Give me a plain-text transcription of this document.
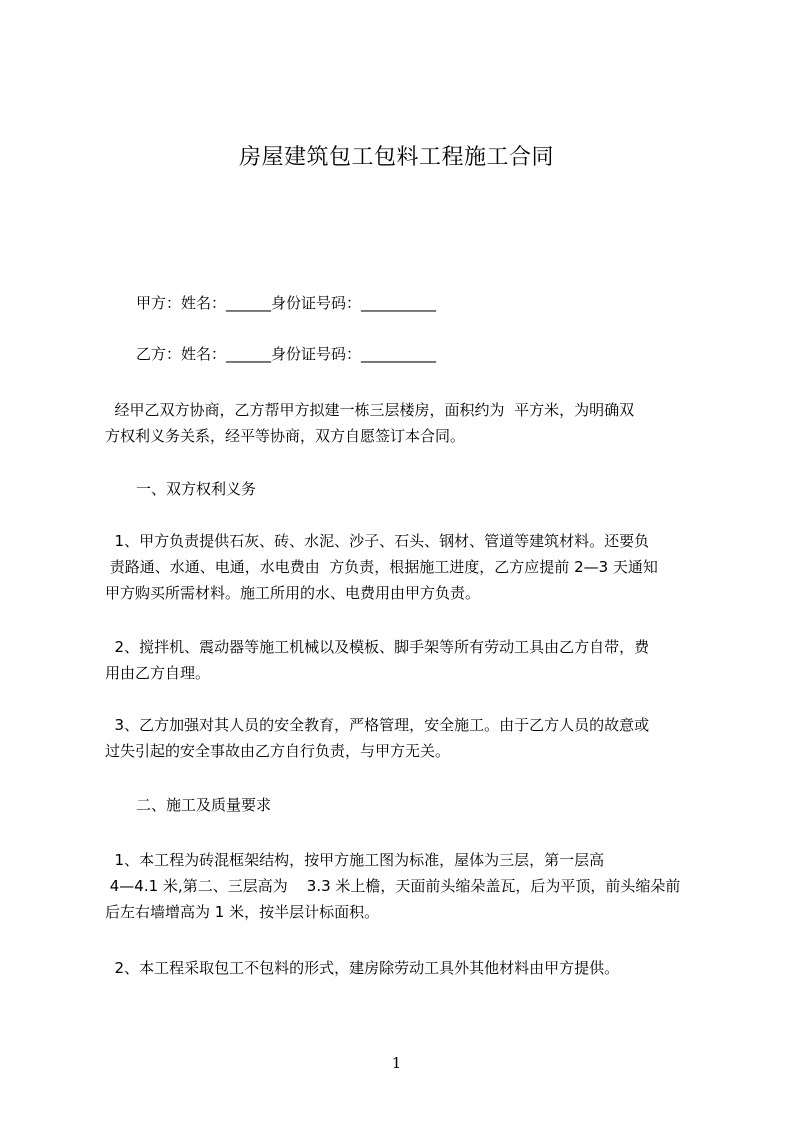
房屋建筑包工包料工程施工合同

甲方：姓名：______身份证号码：__________

乙方：姓名：______身份证号码：__________

经甲乙双方协商，乙方帮甲方拟建一栋三层楼房，面积约为  平方米，为明确双
方权利义务关系，经平等协商，双方自愿签订本合同。

一、双方权利义务

1、甲方负责提供石灰、砖、水泥、沙子、石头、钢材、管道等建筑材料。还要负
责路通、水通、电通，水电费由  方负责，根据施工进度，乙方应提前 2—3 天通知
甲方购买所需材料。施工所用的水、电费用由甲方负责。
2、搅拌机、震动器等施工机械以及模板、脚手架等所有劳动工具由乙方自带，费
用由乙方自理。
3、乙方加强对其人员的安全教育，严格管理，安全施工。由于乙方人员的故意或
过失引起的安全事故由乙方自行负责，与甲方无关。

二、施工及质量要求

1、本工程为砖混框架结构，按甲方施工图为标准，屋体为三层，第一层高
4—4.1 米,第二、三层高为    3.3 米上檐，天面前头缩朵盖瓦，后为平顶，前头缩朵前
后左右墙增高为 1 米，按半层计标面积。
2、本工程采取包工不包料的形式，建房除劳动工具外其他材料由甲方提供。

1
